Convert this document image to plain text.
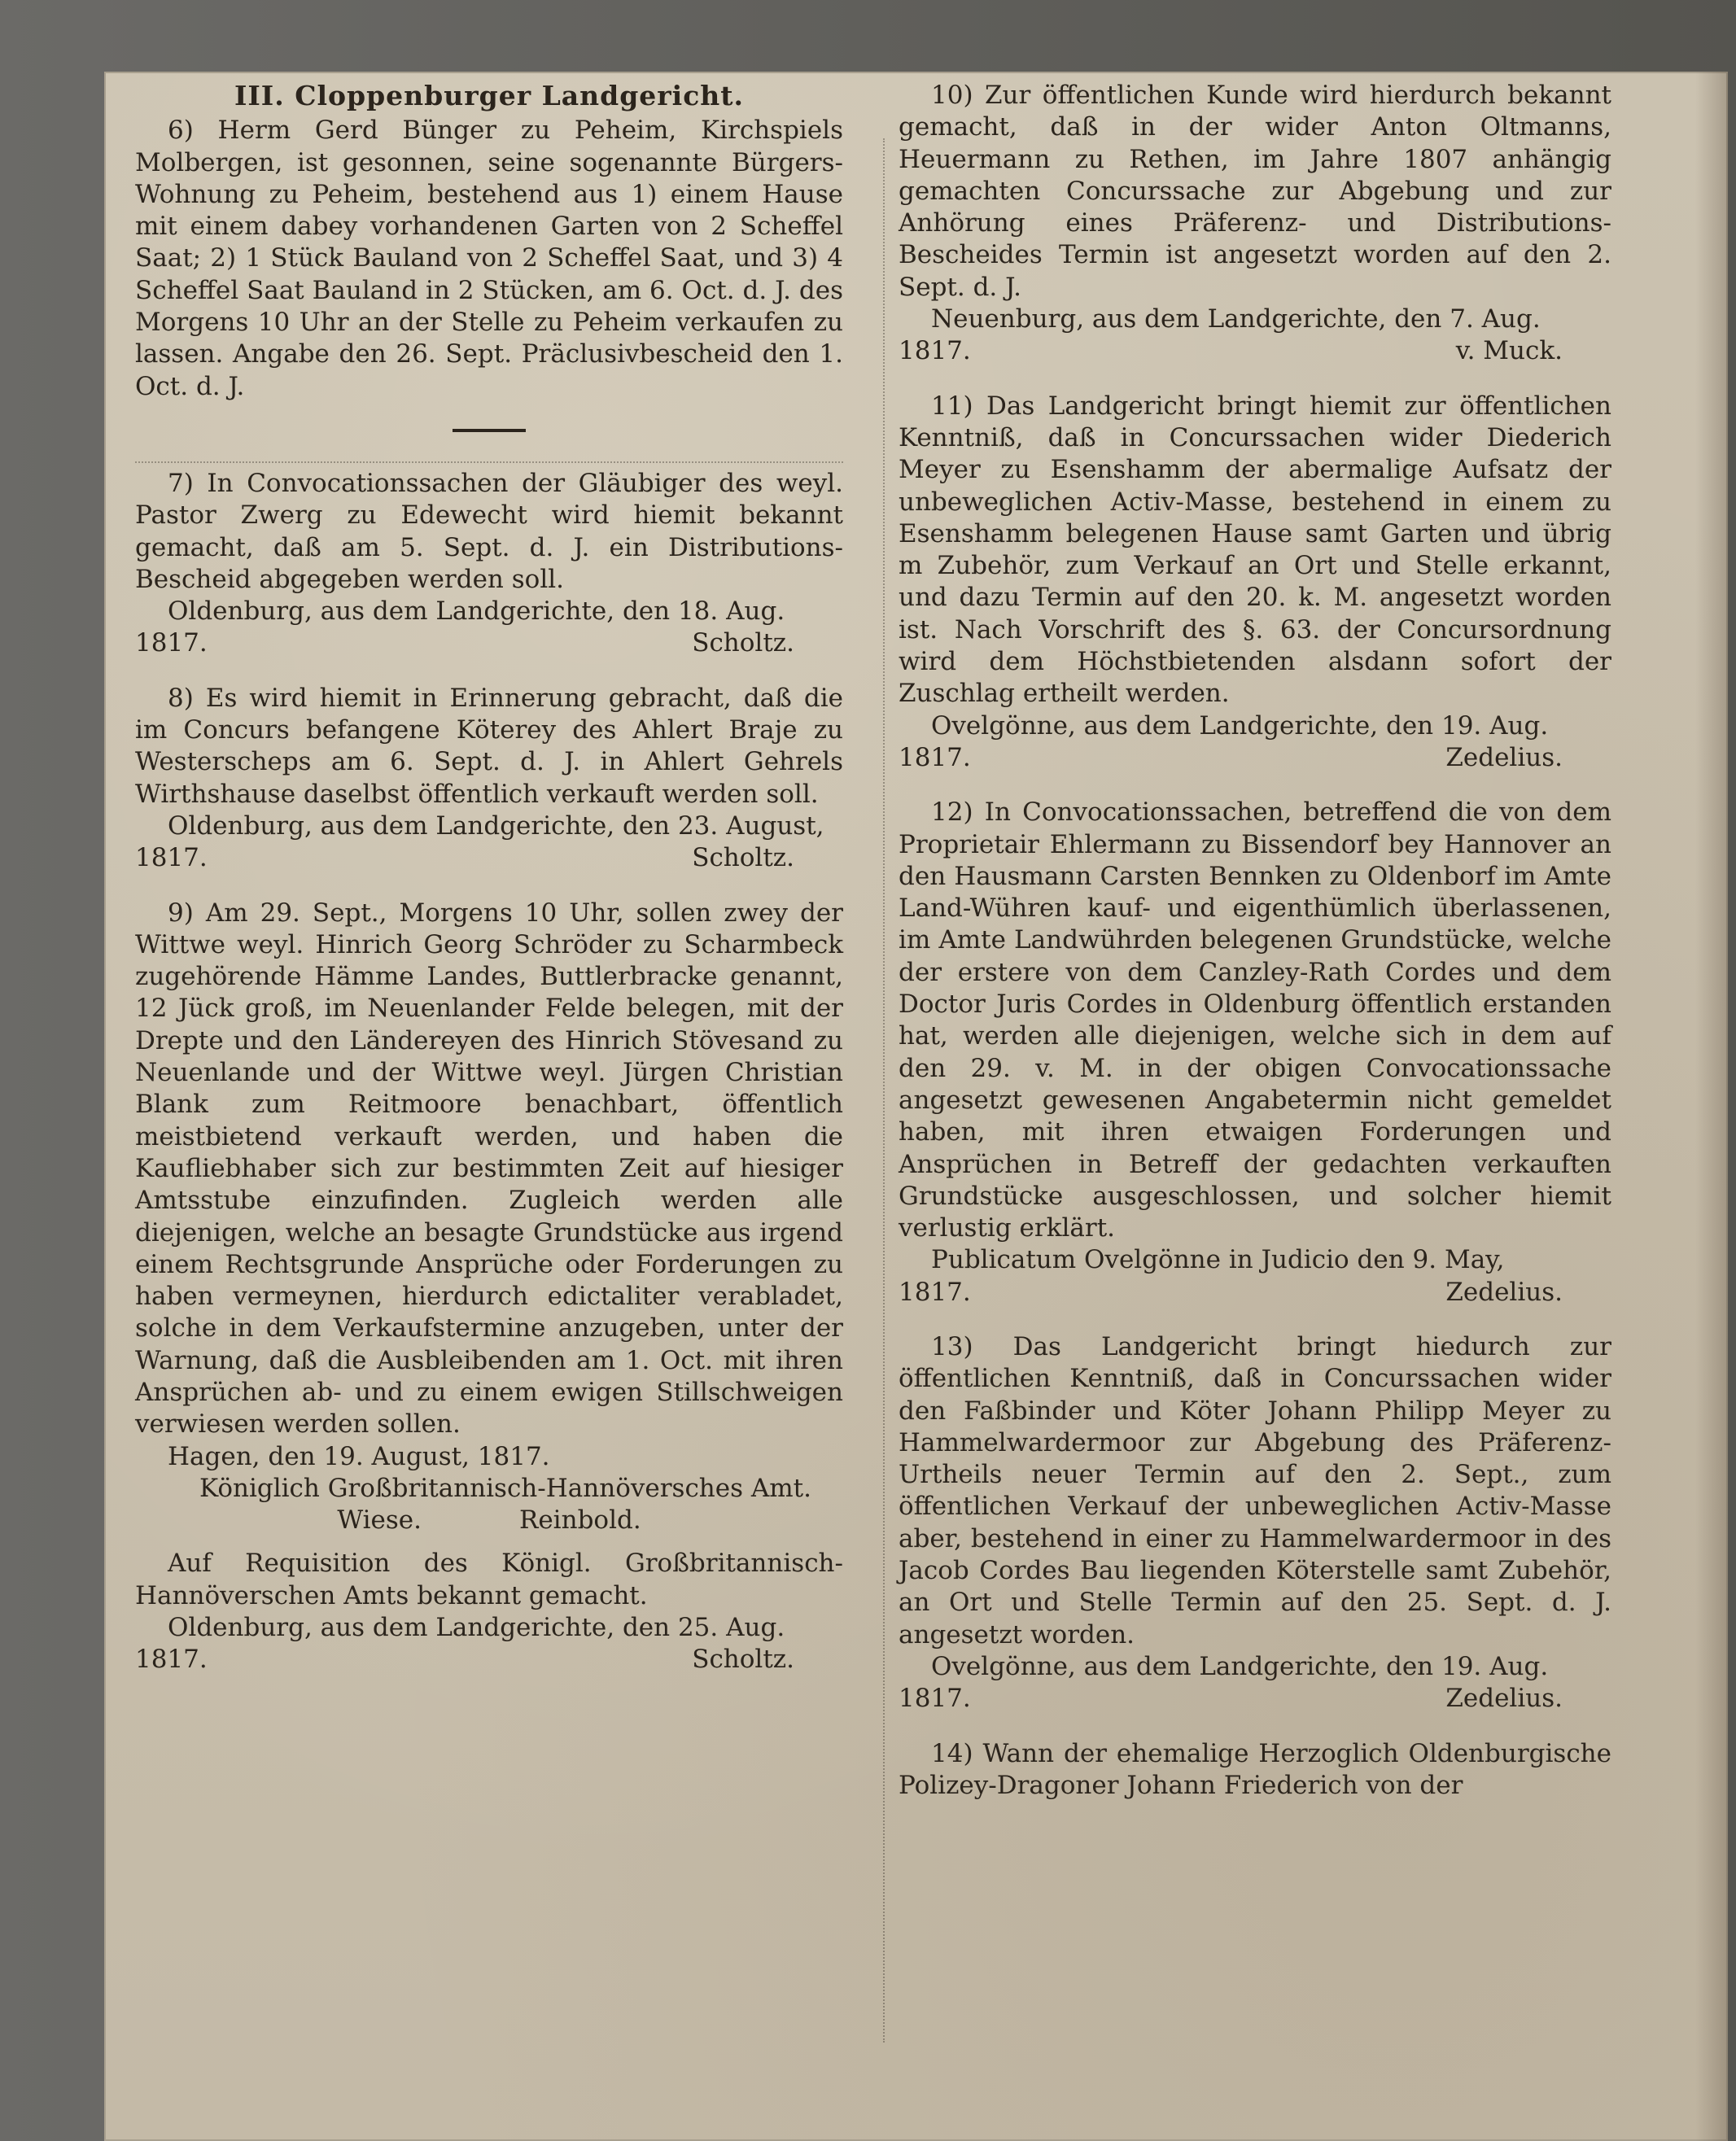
III. Cloppenburger Landgericht.

6) Herm Gerd Bünger zu Peheim, Kirchspiels Molbergen, ist gesonnen, seine sogenannte Bürgers-Wohnung zu Peheim, bestehend aus 1) einem Hause mit einem dabey vorhandenen Garten von 2 Scheffel Saat; 2) 1 Stück Bauland von 2 Scheffel Saat, und 3) 4 Scheffel Saat Bauland in 2 Stücken, am 6. Oct. d. J. des Morgens 10 Uhr an der Stelle zu Peheim verkaufen zu lassen. Angabe den 26. Sept. Präclusivbescheid den 1. Oct. d. J.

7) In Convocationssachen der Gläubiger des weyl. Pastor Zwerg zu Edewecht wird hiemit bekannt gemacht, daß am 5. Sept. d. J. ein Distributions-Bescheid abgegeben werden soll.

Oldenburg, aus dem Landgerichte, den 18. Aug.

1817.	Scholtz.

8) Es wird hiemit in Erinnerung gebracht, daß die im Concurs befangene Köterey des Ahlert Braje zu Westerscheps am 6. Sept. d. J. in Ahlert Gehrels Wirthshause daselbst öffentlich verkauft werden soll.

Oldenburg, aus dem Landgerichte, den 23. August,

1817.	Scholtz.

9) Am 29. Sept., Morgens 10 Uhr, sollen zwey der Wittwe weyl. Hinrich Georg Schröder zu Scharmbeck zugehörende Hämme Landes, Buttlerbracke genannt, 12 Jück groß, im Neuenlander Felde belegen, mit der Drepte und den Ländereyen des Hinrich Stövesand zu Neuenlande und der Wittwe weyl. Jürgen Christian Blank zum Reitmoore benachbart, öffentlich meistbietend verkauft werden, und haben die Kaufliebhaber sich zur bestimmten Zeit auf hiesiger Amtsstube einzufinden. Zugleich werden alle diejenigen, welche an besagte Grundstücke aus irgend einem Rechtsgrunde Ansprüche oder Forderungen zu haben vermeynen, hierdurch edictaliter verabladet, solche in dem Verkaufstermine anzugeben, unter der Warnung, daß die Ausbleibenden am 1. Oct. mit ihren Ansprüchen ab- und zu einem ewigen Stillschweigen verwiesen werden sollen.

Hagen, den 19. August, 1817.

Königlich Großbritannisch-Hannöversches Amt.

Wiese.	Reinbold.

Auf Requisition des Königl. Großbritannisch-Hannöverschen Amts bekannt gemacht.

Oldenburg, aus dem Landgerichte, den 25. Aug.

1817.	Scholtz.

10) Zur öffentlichen Kunde wird hierdurch bekannt gemacht, daß in der wider Anton Oltmanns, Heuermann zu Rethen, im Jahre 1807 anhängig gemachten Concurssache zur Abgebung und zur Anhörung eines Präferenz- und Distributions-Bescheides Termin ist angesetzt worden auf den 2. Sept. d. J.

Neuenburg, aus dem Landgerichte, den 7. Aug.

1817.	v. Muck.

11) Das Landgericht bringt hiemit zur öffentlichen Kenntniß, daß in Concurssachen wider Diederich Meyer zu Esenshamm der abermalige Aufsatz der unbeweglichen Activ-Masse, bestehend in einem zu Esenshamm belegenen Hause samt Garten und übrig m Zubehör, zum Verkauf an Ort und Stelle erkannt, und dazu Termin auf den 20. k. M. angesetzt worden ist. Nach Vorschrift des §. 63. der Concursordnung wird dem Höchstbietenden alsdann sofort der Zuschlag ertheilt werden.

Ovelgönne, aus dem Landgerichte, den 19. Aug.

1817.	Zedelius.

12) In Convocationssachen, betreffend die von dem Proprietair Ehlermann zu Bissendorf bey Hannover an den Hausmann Carsten Bennken zu Oldenborf im Amte Land-Wühren kauf- und eigenthümlich überlassenen, im Amte Landwührden belegenen Grundstücke, welche der erstere von dem Canzley-Rath Cordes und dem Doctor Juris Cordes in Oldenburg öffentlich erstanden hat, werden alle diejenigen, welche sich in dem auf den 29. v. M. in der obigen Convocationssache angesetzt gewesenen Angabetermin nicht gemeldet haben, mit ihren etwaigen Forderungen und Ansprüchen in Betreff der gedachten verkauften Grundstücke ausgeschlossen, und solcher hiemit verlustig erklärt.

Publicatum Ovelgönne in Judicio den 9. May,

1817.	Zedelius.

13) Das Landgericht bringt hiedurch zur öffentlichen Kenntniß, daß in Concurssachen wider den Faßbinder und Köter Johann Philipp Meyer zu Hammelwardermoor zur Abgebung des Präferenz-Urtheils neuer Termin auf den 2. Sept., zum öffentlichen Verkauf der unbeweglichen Activ-Masse aber, bestehend in einer zu Hammelwardermoor in des Jacob Cordes Bau liegenden Köterstelle samt Zubehör, an Ort und Stelle Termin auf den 25. Sept. d. J. angesetzt worden.

Ovelgönne, aus dem Landgerichte, den 19. Aug.

1817.	Zedelius.

14) Wann der ehemalige Herzoglich Oldenburgische Polizey-Dragoner Johann Friederich von der
